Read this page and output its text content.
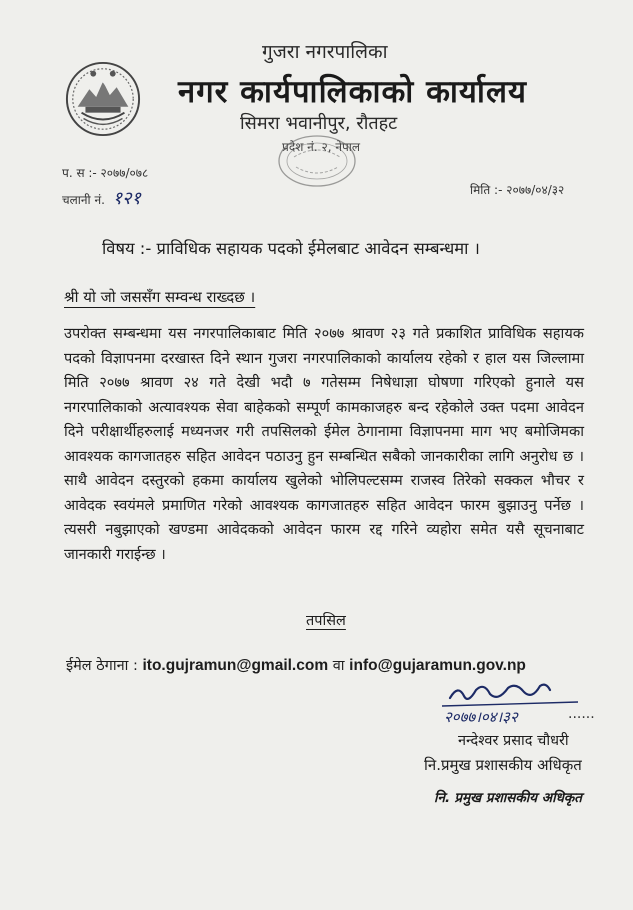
गुजरा नगरपालिका
नगर कार्यपालिकाको कार्यालय
सिमरा भवानीपुर, रौतहट
प्रदेश नं. २, नेपाल
प. स :- २०७७/०७८
चलानी नं. १२१	मिति :- २०७७/०४/३२
विषय :- प्राविधिक सहायक पदको ईमेलबाट आवेदन सम्बन्धमा ।
श्री यो जो जससँग सम्वन्ध राख्दछ ।
उपरोक्त सम्बन्धमा यस नगरपालिकाबाट मिति २०७७ श्रावण २३ गते प्रकाशित प्राविधिक सहायक पदको विज्ञापनमा दरखास्त दिने स्थान गुजरा नगरपालिकाको कार्यालय रहेको र हाल यस जिल्लामा मिति २०७७ श्रावण २४ गते देखी भदौ ७ गतेसम्म निषेधाज्ञा घोषणा गरिएको हुनाले यस नगरपालिकाको अत्यावश्यक सेवा बाहेकको सम्पूर्ण कामकाजहरु बन्द रहेकोले उक्त पदमा आवेदन दिने परीक्षार्थीहरुलाई मध्यनजर गरी तपसिलको ईमेल ठेगानामा विज्ञापनमा माग भए बमोजिमका आवश्यक कागजातहरु सहित आवेदन पठाउनु हुन सम्बन्धित सबैको जानकारीका लागि अनुरोध छ । साथै आवेदन दस्तुरको हकमा कार्यालय खुलेको भोलिपल्टसम्म राजस्व तिरेको सक्कल भौचर र आवेदक स्वयंमले प्रमाणित गरेको आवश्यक कागजातहरु सहित आवेदन फारम बुझाउनु पर्नेछ । त्यसरी नबुझाएको खण्डमा आवेदकको आवेदन फारम रद्द गरिने व्यहोरा समेत यसै सूचनाबाट जानकारी गराईन्छ ।
तपसिल
ईमेल ठेगाना : ito.gujramun@gmail.com वा info@gujaramun.gov.np
२०७७।०४।३२	......
नन्देश्वर प्रसाद चौधरी
नि.प्रमुख प्रशासकीय अधिकृत
नि. प्रमुख प्रशासकीय अधिकृत
